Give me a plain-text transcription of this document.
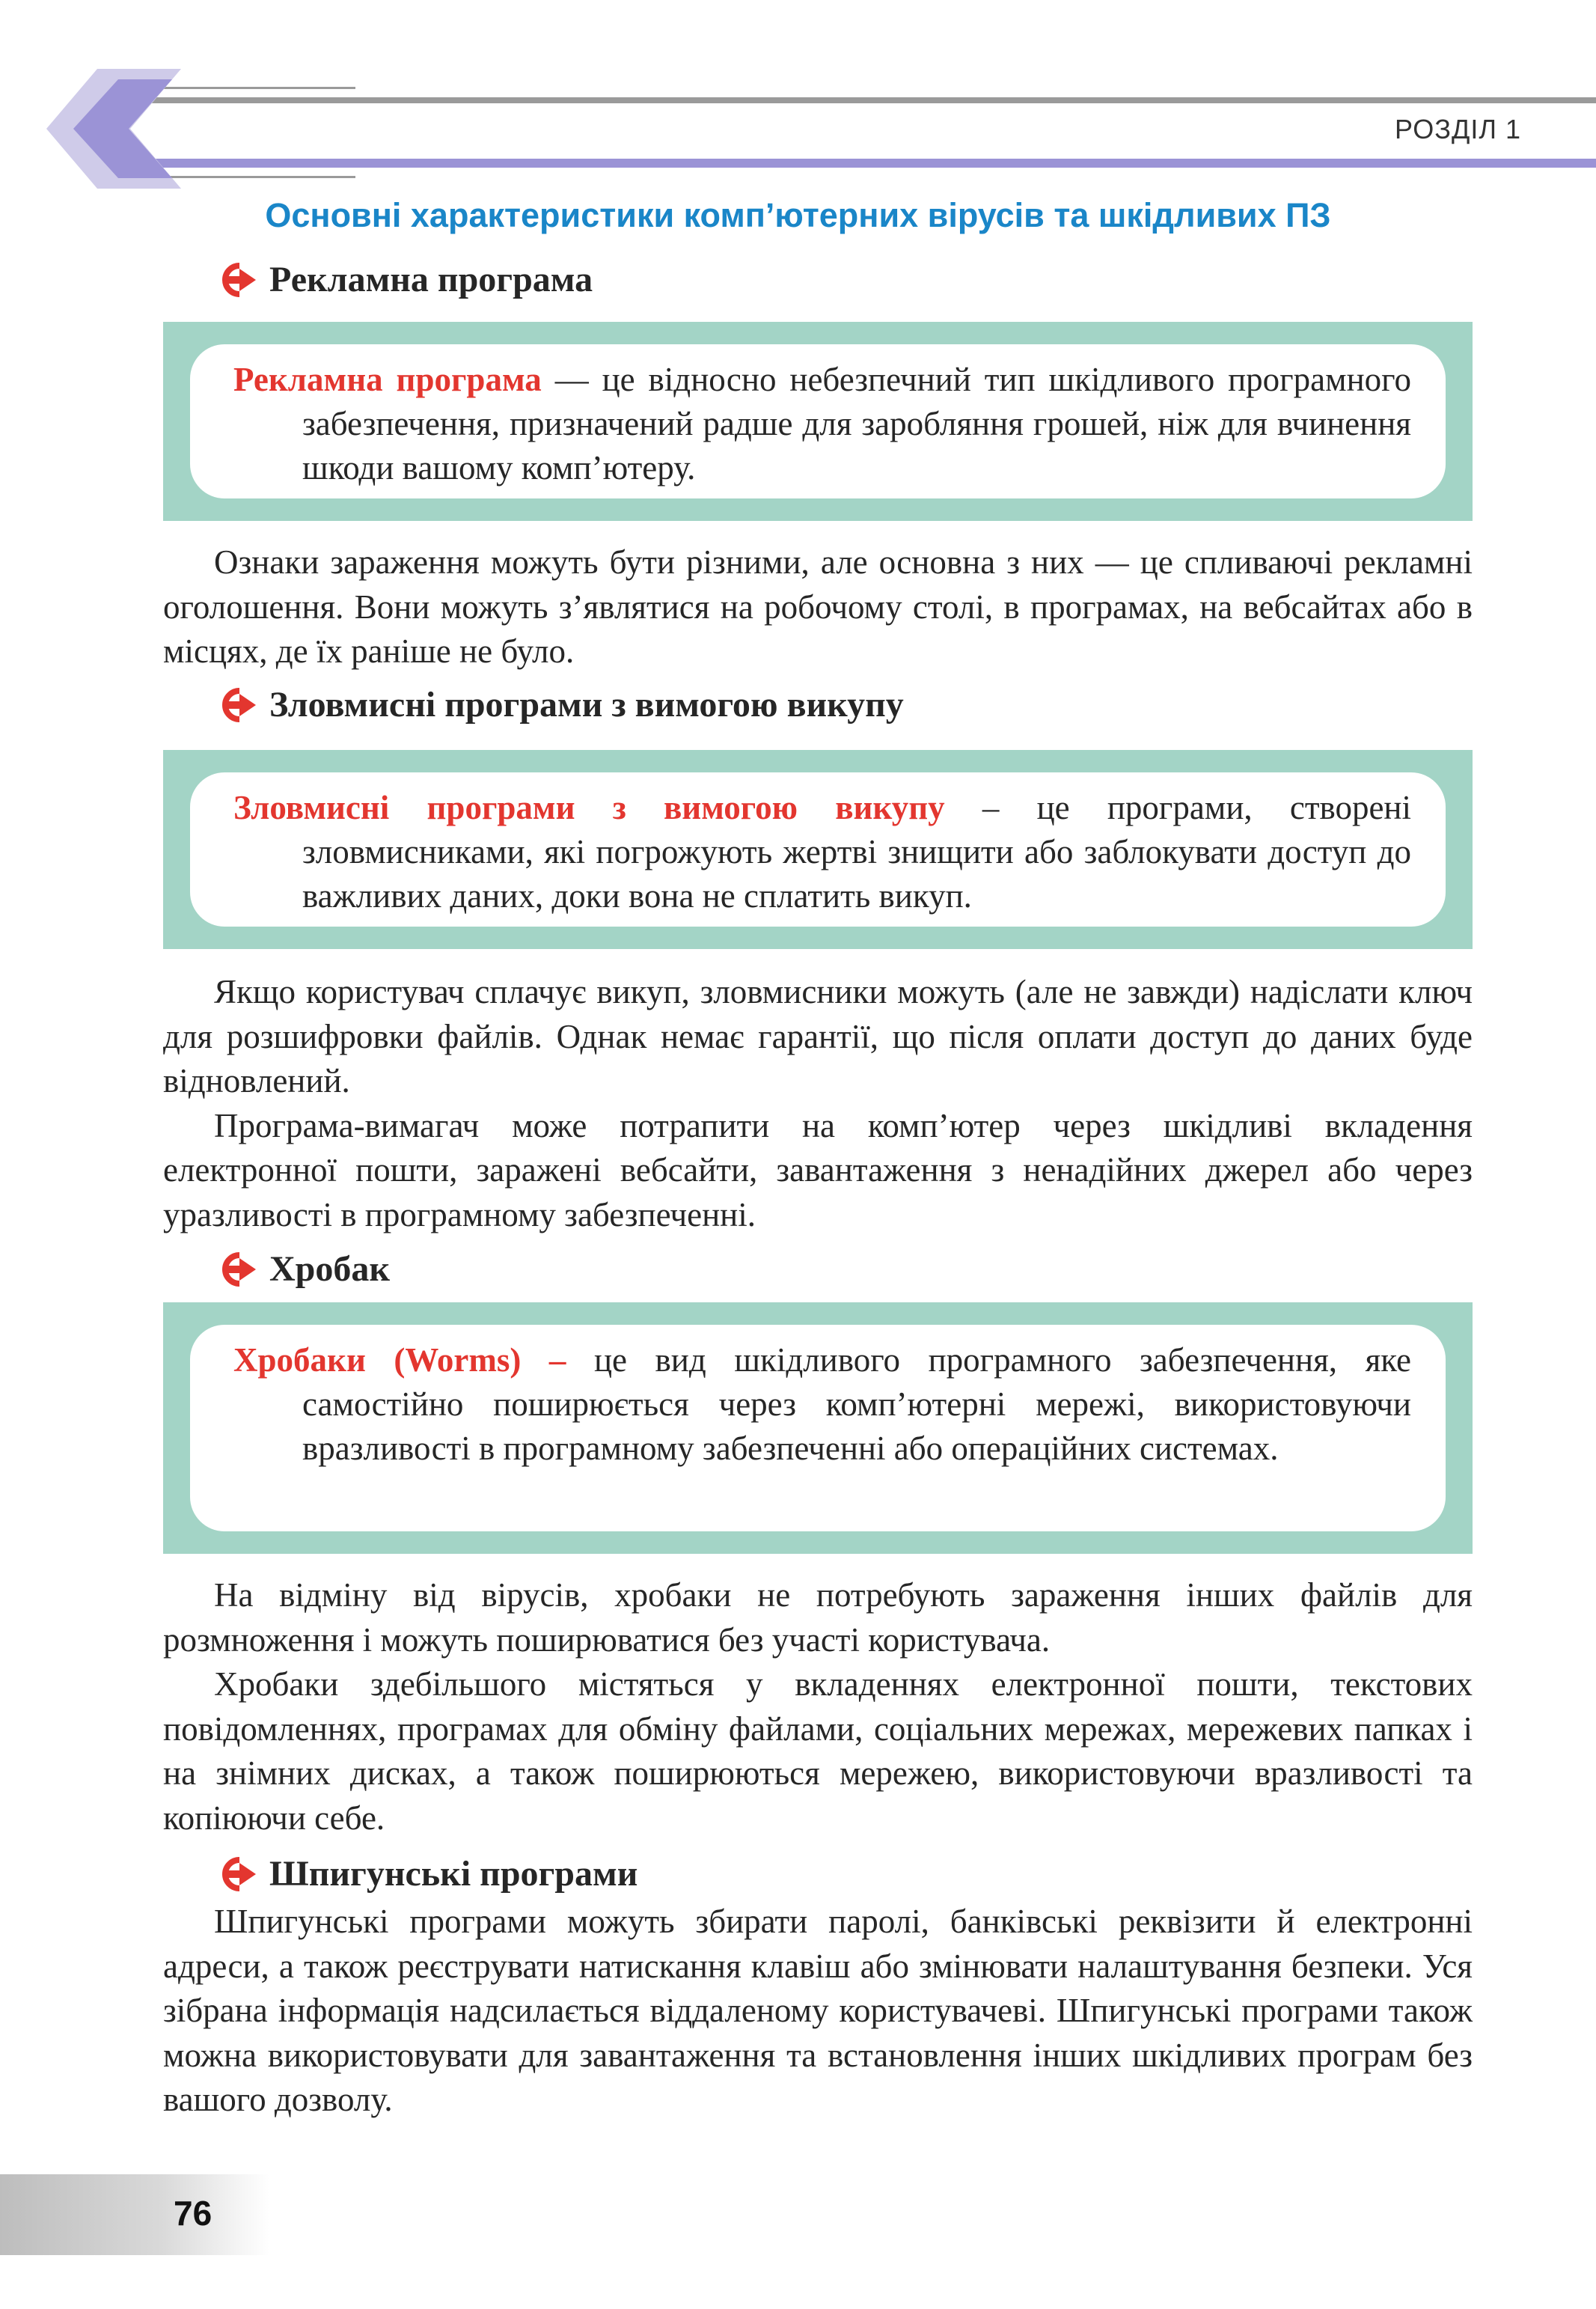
РОЗДІЛ 1
Основні характеристики комп’ютерних вірусів та шкідливих ПЗ
Рекламна програма

Рекламна програма — це відносно небезпечний тип шкідливого програмного забезпечення, призначений радше для заробляння грошей, ніж для вчинення шкоди вашому комп’ютеру.

Ознаки зараження можуть бути різними, але основна з них — це спливаючі рекламні оголошення. Вони можуть з’являтися на робочому столі, в програмах, на вебсайтах або в місцях, де їх раніше не було.

Зловмисні програми з вимогою викупу

Зловмисні програми з вимогою викупу – це програми, створені зловмисниками, які погрожують жертві знищити або заблокувати доступ до важливих даних, доки вона не сплатить викуп.

Якщо користувач сплачує викуп, зловмисники можуть (але не завжди) надіслати ключ для розшифровки файлів. Однак немає гарантії, що після оплати доступ до даних буде відновлений.

Програма-вимагач може потрапити на комп’ютер через шкідливі вкладення електронної пошти, заражені вебсайти, завантаження з ненадійних джерел або через уразливості в програмному забезпеченні.

Хробак

Хробаки (Worms) – це вид шкідливого програмного забезпечення, яке самостійно поширюється через комп’ютерні мережі, використовуючи вразливості в програмному забезпеченні або операційних системах.

На відміну від вірусів, хробаки не потребують зараження інших файлів для розмноження і можуть поширюватися без участі користувача.

Хробаки здебільшого містяться у вкладеннях електронної пошти, текстових повідомленнях, програмах для обміну файлами, соціальних мережах, мережевих папках і на знімних дисках, а також поширюються мережею, використовуючи вразливості та копіюючи себе.

Шпигунські програми

Шпигунські програми можуть збирати паролі, банківські реквізити й електронні адреси, а також реєструвати натискання клавіш або змінювати налаштування безпеки. Уся зібрана інформація надсилається віддаленому користувачеві. Шпигунські програми також можна використовувати для завантаження та встановлення інших шкідливих програм без вашого дозволу.

76
